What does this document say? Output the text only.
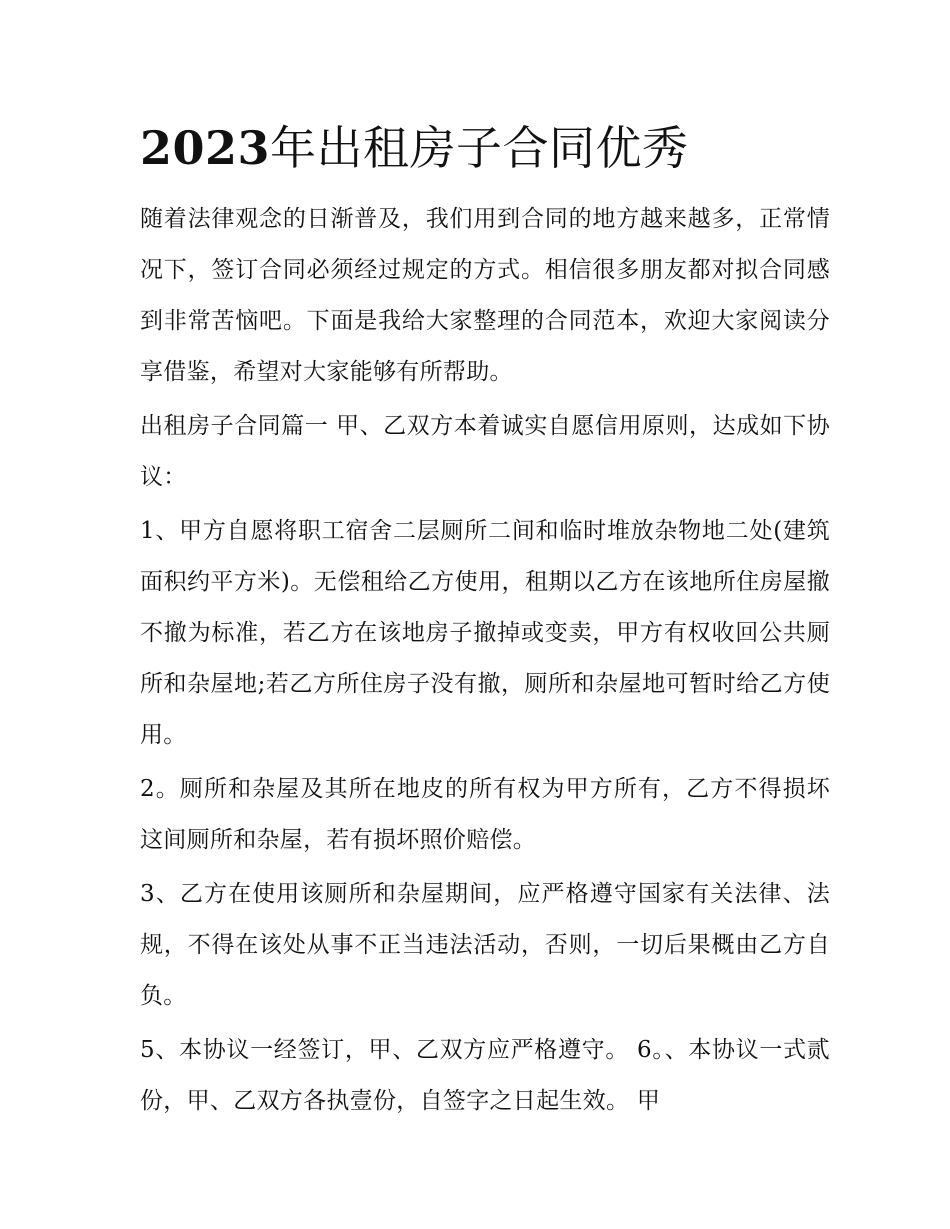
2023年出租房子合同优秀

随着法律观念的日渐普及，我们用到合同的地方越来越多，正常情况下，签订合同必须经过规定的方式。相信很多朋友都对拟合同感到非常苦恼吧。下面是我给大家整理的合同范本，欢迎大家阅读分享借鉴，希望对大家能够有所帮助。

出租房子合同篇一 甲、乙双方本着诚实自愿信用原则，达成如下协议：

1、甲方自愿将职工宿舍二层厕所二间和临时堆放杂物地二处(建筑面积约平方米)。无偿租给乙方使用，租期以乙方在该地所住房屋撤不撤为标准，若乙方在该地房子撤掉或变卖，甲方有权收回公共厕所和杂屋地;若乙方所住房子没有撤，厕所和杂屋地可暂时给乙方使用。

2。厕所和杂屋及其所在地皮的所有权为甲方所有，乙方不得损坏这间厕所和杂屋，若有损坏照价赔偿。

3、乙方在使用该厕所和杂屋期间，应严格遵守国家有关法律、法规，不得在该处从事不正当违法活动，否则，一切后果概由乙方自负。

5、本协议一经签订，甲、乙双方应严格遵守。 6。、本协议一式贰份，甲、乙双方各执壹份，自签字之日起生效。 甲
